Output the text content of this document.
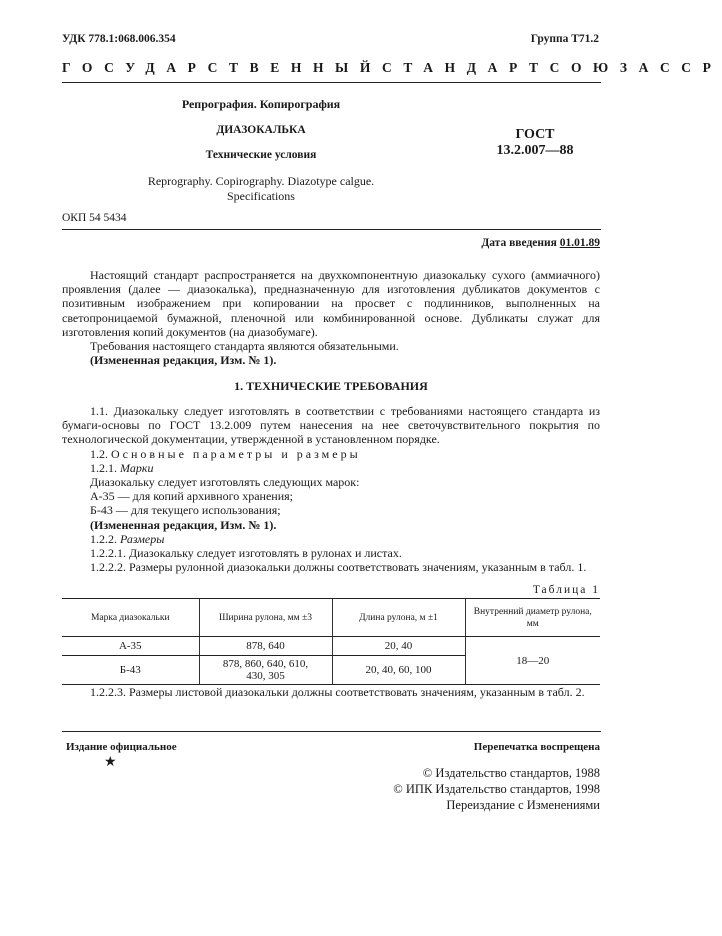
УДК 778.1:068.006.354	Группа Т71.2
ГОСУДАРСТВЕННЫЙ СТАНДАРТ СОЮЗА ССР
Репрография. Копирография
ДИАЗОКАЛЬКА
Технические условия
Reprography. Copirography. Diazotype calgue.
Specifications
ГОСТ
13.2.007—88
ОКП 54 5434
Дата введения 01.01.89

Настоящий стандарт распространяется на двухкомпонентную диазокальку сухого (аммиачного) проявления (далее — диазокалька), предназначенную для изготовления дубликатов документов с позитивным изображением при копировании на просвет с подлинников, выполненных на светопроницаемой бумажной, пленочной или комбинированной основе. Дубликаты служат для изготовления копий документов (на диазобумаге).

Требования настоящего стандарта являются обязательными.

(Измененная редакция, Изм. № 1).

1. ТЕХНИЧЕСКИЕ ТРЕБОВАНИЯ

1.1. Диазокальку следует изготовлять в соответствии с требованиями настоящего стандарта из бумаги-основы по ГОСТ 13.2.009 путем нанесения на нее светочувствительного покрытия по технологической документации, утвержденной в установленном порядке.

1.2. Основные параметры и размеры

1.2.1. Марки

Диазокальку следует изготовлять следующих марок:

А-35 — для копий архивного хранения;

Б-43 — для текущего использования;

(Измененная редакция, Изм. № 1).

1.2.2. Размеры

1.2.2.1. Диазокальку следует изготовлять в рулонах и листах.

1.2.2.2. Размеры рулонной диазокальки должны соответствовать значениям, указанным в табл. 1.

Таблица 1
Марка диазокальки	Ширина рулона, мм ±3	Длина рулона, м ±1	Внутренний диаметр рулона, мм
А-35	878, 640	20, 40	18—20
Б-43	878, 860, 640, 610, 430, 305	20, 40, 60, 100	

1.2.2.3. Размеры листовой диазокальки должны соответствовать значениям, указанным в табл. 2.

Издание официальное	Перепечатка воспрещена
★
© Издательство стандартов, 1988
© ИПК Издательство стандартов, 1998
Переиздание с Изменениями
